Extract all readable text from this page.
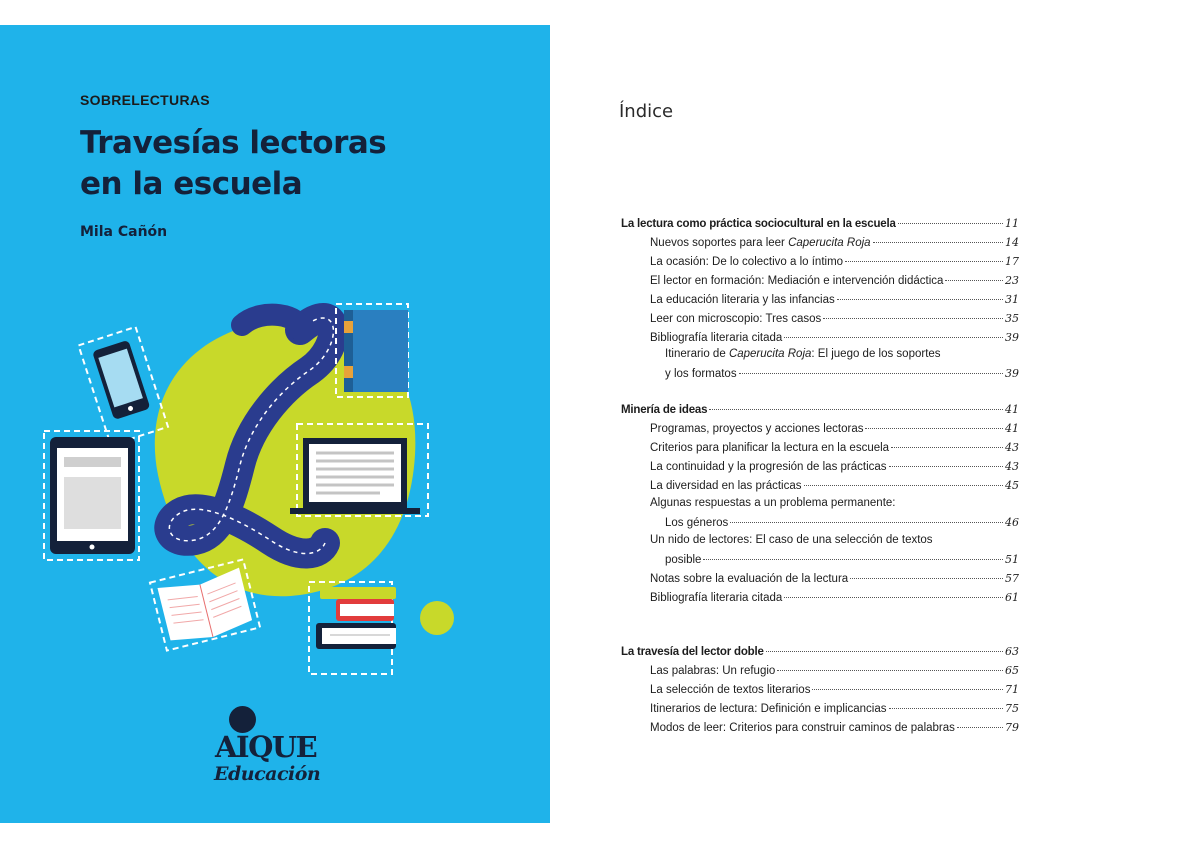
SOBRELECTURAS
Travesías lectoras
en la escuela
Mila Cañón
AIQUE
Educación
Índice
La lectura como práctica sociocultural en la escuela	11
Nuevos soportes para leer Caperucita Roja	14
La ocasión: De lo colectivo a lo íntimo	17
El lector en formación: Mediación e intervención didáctica	23
La educación literaria y las infancias	31
Leer con microscopio: Tres casos	35
Bibliografía literaria citada	39
Itinerario de Caperucita Roja: El juego de los soportes
y los formatos	39
Minería de ideas	41
Programas, proyectos y acciones lectoras	41
Criterios para planificar la lectura en la escuela	43
La continuidad y la progresión de las prácticas	43
La diversidad en las prácticas	45
Algunas respuestas a un problema permanente:
Los géneros	46
Un nido de lectores: El caso de una selección de textos
posible	51
Notas sobre la evaluación de la lectura	57
Bibliografía literaria citada	61
La travesía del lector doble	63
Las palabras: Un refugio	65
La selección de textos literarios	71
Itinerarios de lectura: Definición e implicancias	75
Modos de leer: Criterios para construir caminos de palabras	79
